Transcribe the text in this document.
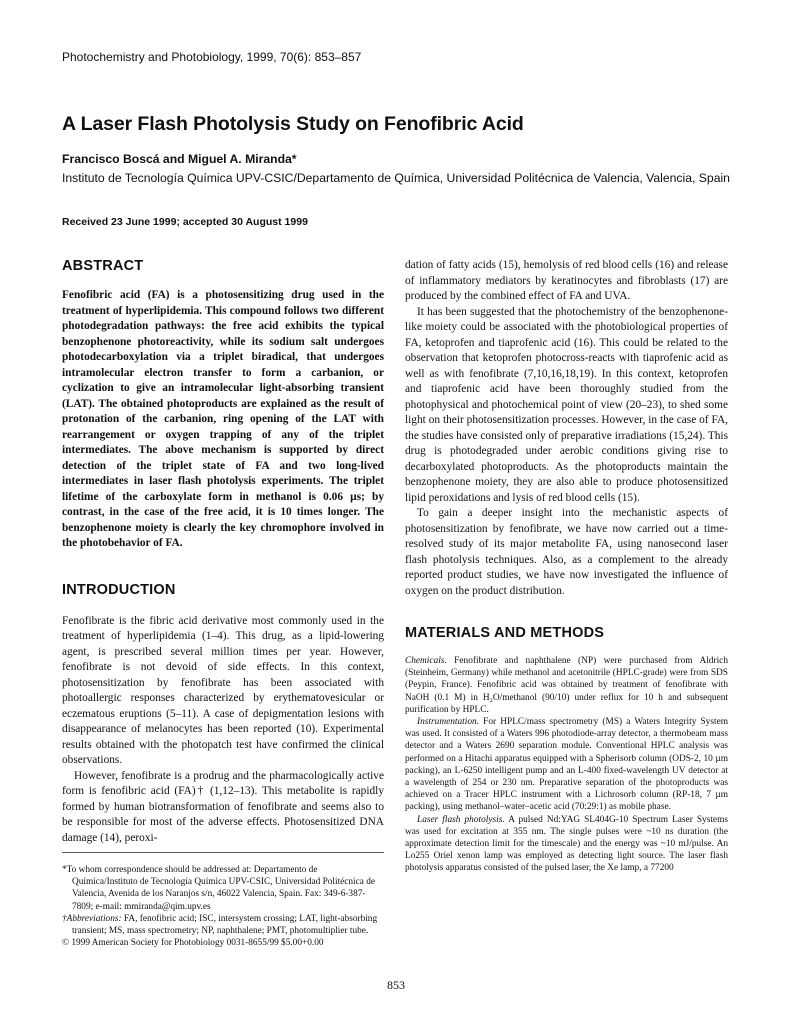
Photochemistry and Photobiology, 1999, 70(6): 853–857
A Laser Flash Photolysis Study on Fenofibric Acid
Francisco Boscá and Miguel A. Miranda*
Instituto de Tecnología Química UPV-CSIC/Departamento de Química, Universidad Politécnica de Valencia, Valencia, Spain
Received 23 June 1999; accepted 30 August 1999
ABSTRACT

Fenofibric acid (FA) is a photosensitizing drug used in the treatment of hyperlipidemia. This compound follows two different photodegradation pathways: the free acid exhibits the typical benzophenone photoreactivity, while its sodium salt undergoes photodecarboxylation via a triplet biradical, that undergoes intramolecular electron transfer to form a carbanion, or cyclization to give an intramolecular light-absorbing transient (LAT). The obtained photoproducts are explained as the result of protonation of the carbanion, ring opening of the LAT with rearrangement or oxygen trapping of any of the triplet intermediates. The above mechanism is supported by direct detection of the triplet state of FA and two long-lived intermediates in laser flash photolysis experiments. The triplet lifetime of the carboxylate form in methanol is 0.06 µs; by contrast, in the case of the free acid, it is 10 times longer. The benzophenone moiety is clearly the key chromophore involved in the photobehavior of FA.

INTRODUCTION

Fenofibrate is the fibric acid derivative most commonly used in the treatment of hyperlipidemia (1–4). This drug, as a lipid-lowering agent, is prescribed several million times per year. However, fenofibrate is not devoid of side effects. In this context, photosensitization by fenofibrate has been associated with photoallergic responses characterized by erythematovesicular or eczematous eruptions (5–11). A case of depigmentation lesions with disappearance of melanocytes has been reported (10). Experimental results obtained with the photopatch test have confirmed the clinical observations.

However, fenofibrate is a prodrug and the pharmacologically active form is fenofibric acid (FA)† (1,12–13). This metabolite is rapidly formed by human biotransformation of fenofibrate and seems also to be responsible for most of the adverse effects. Photosensitized DNA damage (14), peroxi-

*To whom correspondence should be addressed at: Departamento de Química/Instituto de Tecnología Química UPV-CSIC, Universidad Politécnica de Valencia, Avenida de los Naranjos s/n, 46022 Valencia, Spain. Fax: 349-6-387-7809; e-mail: mmiranda@qim.upv.es

†Abbreviations: FA, fenofibric acid; ISC, intersystem crossing; LAT, light-absorbing transient; MS, mass spectrometry; NP, naphthalene; PMT, photomultiplier tube.

© 1999 American Society for Photobiology 0031-8655/99 $5.00+0.00

dation of fatty acids (15), hemolysis of red blood cells (16) and release of inflammatory mediators by keratinocytes and fibroblasts (17) are produced by the combined effect of FA and UVA.

It has been suggested that the photochemistry of the benzophenone-like moiety could be associated with the photobiological properties of FA, ketoprofen and tiaprofenic acid (16). This could be related to the observation that ketoprofen photocross-reacts with tiaprofenic acid as well as with fenofibrate (7,10,16,18,19). In this context, ketoprofen and tiaprofenic acid have been thoroughly studied from the photophysical and photochemical point of view (20–23), to shed some light on their photosensitization processes. However, in the case of FA, the studies have consisted only of preparative irradiations (15,24). This drug is photodegraded under aerobic conditions giving rise to decarboxylated photoproducts. As the photoproducts maintain the benzophenone moiety, they are also able to produce photosensitized lipid peroxidations and lysis of red blood cells (15).

To gain a deeper insight into the mechanistic aspects of photosensitization by fenofibrate, we have now carried out a time-resolved study of its major metabolite FA, using nanosecond laser flash photolysis techniques. Also, as a complement to the already reported product studies, we have now investigated the influence of oxygen on the product distribution.

MATERIALS AND METHODS

Chemicals. Fenofibrate and naphthalene (NP) were purchased from Aldrich (Steinheim, Germany) while methanol and acetonitrile (HPLC-grade) were from SDS (Peypin, France). Fenofibric acid was obtained by treatment of fenofibrate with NaOH (0.1 M) in H₂O/methanol (90/10) under reflux for 10 h and subsequent purification by HPLC.

Instrumentation. For HPLC/mass spectrometry (MS) a Waters Integrity System was used. It consisted of a Waters 996 photodiode-array detector, a thermobeam mass detector and a Waters 2690 separation module. Conventional HPLC analysis was performed on a Hitachi apparatus equipped with a Spherisorb column (ODS-2, 10 µm packing), an L-6250 intelligent pump and an L-400 fixed-wavelength UV detector at a wavelength of 254 or 230 nm. Preparative separation of the photoproducts was achieved on a Tracer HPLC instrument with a Lichrosorb column (RP-18, 7 µm packing), using methanol–water–acetic acid (70:29:1) as mobile phase.

Laser flash photolysis. A pulsed Nd:YAG SL404G-10 Spectrum Laser Systems was used for excitation at 355 nm. The single pulses were ~10 ns duration (the approximate detection limit for the timescale) and the energy was ~10 mJ/pulse. An Lo255 Oriel xenon lamp was employed as detecting light source. The laser flash photolysis apparatus consisted of the pulsed laser, the Xe lamp, a 77200

853
